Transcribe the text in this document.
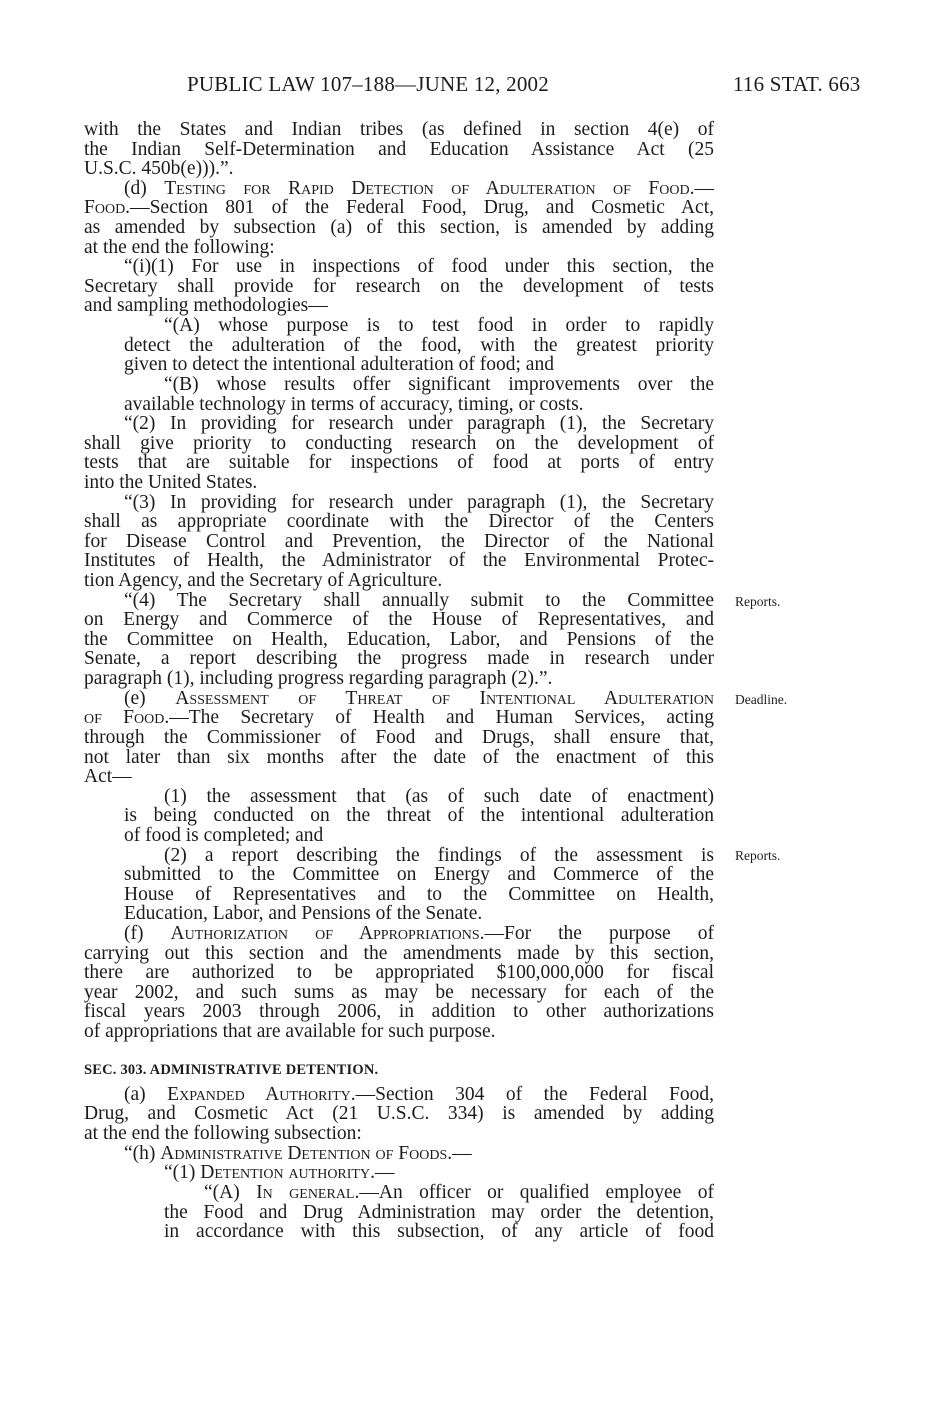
PUBLIC LAW 107–188—JUNE 12, 2002	116 STAT. 663
Reports.
Deadline.
Reports.
with the States and Indian tribes (as defined in section 4(e) of
the Indian Self-Determination and Education Assistance Act (25
U.S.C. 450b(e))).”.
(d) Testing for Rapid Detection of Adulteration of Food.—
Food.—Section 801 of the Federal Food, Drug, and Cosmetic Act,
as amended by subsection (a) of this section, is amended by adding
at the end the following:
“(i)(1) For use in inspections of food under this section, the
Secretary shall provide for research on the development of tests
and sampling methodologies—
“(A) whose purpose is to test food in order to rapidly
detect the adulteration of the food, with the greatest priority
given to detect the intentional adulteration of food; and
“(B) whose results offer significant improvements over the
available technology in terms of accuracy, timing, or costs.
“(2) In providing for research under paragraph (1), the Secretary
shall give priority to conducting research on the development of
tests that are suitable for inspections of food at ports of entry
into the United States.
“(3) In providing for research under paragraph (1), the Secretary
shall as appropriate coordinate with the Director of the Centers
for Disease Control and Prevention, the Director of the National
Institutes of Health, the Administrator of the Environmental Protec-
tion Agency, and the Secretary of Agriculture.
“(4) The Secretary shall annually submit to the Committee
on Energy and Commerce of the House of Representatives, and
the Committee on Health, Education, Labor, and Pensions of the
Senate, a report describing the progress made in research under
paragraph (1), including progress regarding paragraph (2).”.
(e) Assessment of Threat of Intentional Adulteration
of Food.—The Secretary of Health and Human Services, acting
through the Commissioner of Food and Drugs, shall ensure that,
not later than six months after the date of the enactment of this
Act—
(1) the assessment that (as of such date of enactment)
is being conducted on the threat of the intentional adulteration
of food is completed; and
(2) a report describing the findings of the assessment is
submitted to the Committee on Energy and Commerce of the
House of Representatives and to the Committee on Health,
Education, Labor, and Pensions of the Senate.
(f) Authorization of Appropriations.—For the purpose of
carrying out this section and the amendments made by this section,
there are authorized to be appropriated $100,000,000 for fiscal
year 2002, and such sums as may be necessary for each of the
fiscal years 2003 through 2006, in addition to other authorizations
of appropriations that are available for such purpose.
SEC. 303. ADMINISTRATIVE DETENTION.
(a) Expanded Authority.—Section 304 of the Federal Food,
Drug, and Cosmetic Act (21 U.S.C. 334) is amended by adding
at the end the following subsection:
“(h) Administrative Detention of Foods.—
“(1) Detention authority.—
“(A) In general.—An officer or qualified employee of
the Food and Drug Administration may order the detention,
in accordance with this subsection, of any article of food
